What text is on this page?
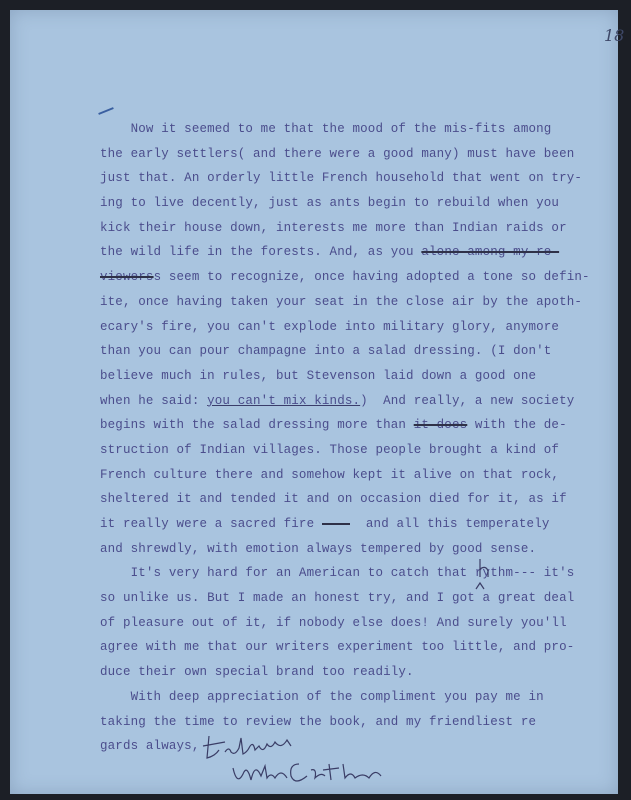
18
Now it seemed to me that the mood of the mis-fits among
the early settlers( and there were a good many) must have been
just that. An orderly little French household that went on try-
ing to live decently, just as ants begin to rebuild when you
kick their house down, interests me more than Indian raids or
the wild life in the forests. And, as you alone among my re-
viewerss seem to recognize, once having adopted a tone so defin-
ite, once having taken your seat in the close air by the apoth-
ecary's fire, you can't explode into military glory, anymore
than you can pour champagne into a salad dressing. (I don't
believe much in rules, but Stevenson laid down a good one
when he said: you can't mix kinds.)  And really, a new society
begins with the salad dressing more than it does with the de-
struction of Indian villages. Those people brought a kind of
French culture there and somehow kept it alive on that rock,
sheltered it and tended it and on occasion died for it, as if
it really were a sacred fire	and all this temperately
and shrewdly, with emotion always tempered by good sense.
It's very hard for an American to catch that rythm--- it's
so unlike us. But I made an honest try, and I got a great deal
of pleasure out of it, if nobody else does! And surely you'll
agree with me that our writers experiment too little, and pro-
duce their own special brand too readily.
With deep appreciation of the compliment you pay me in
taking the time to review the book, and my friendliest re
gards always,
